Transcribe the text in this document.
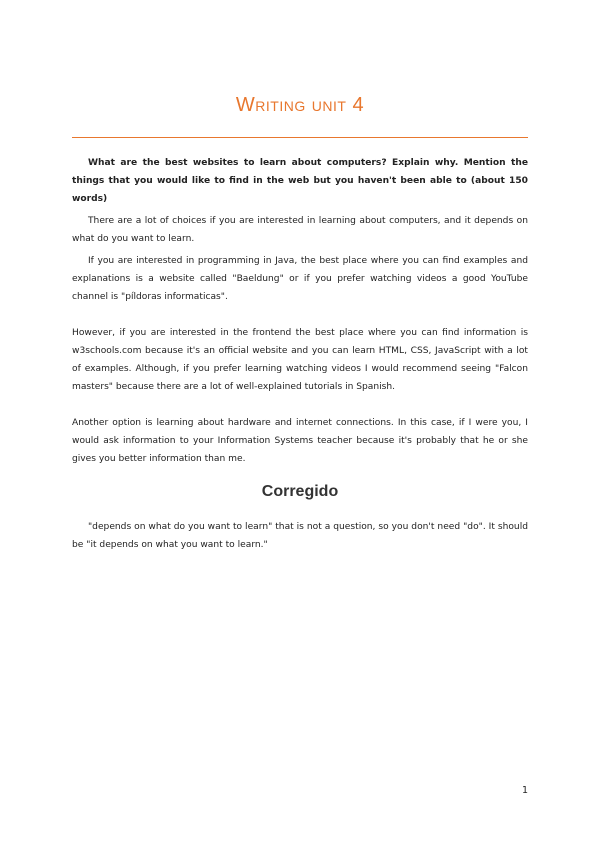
Writing unit 4

What are the best websites to learn about computers? Explain why. Mention the things that you would like to find in the web but you haven't been able to (about 150 words)

There are a lot of choices if you are interested in learning about computers, and it depends on what do you want to learn.

If you are interested in programming in Java, the best place where you can find examples and explanations is a website called "Baeldung" or if you prefer watching videos a good YouTube channel is "píldoras informaticas".

However, if you are interested in the frontend the best place where you can find information is w3schools.com because it's an official website and you can learn HTML, CSS, JavaScript with a lot of examples. Although, if you prefer learning watching videos I would recommend seeing "Falcon masters" because there are a lot of well-explained tutorials in Spanish.

Another option is learning about hardware and internet connections. In this case, if I were you, I would ask information to your Information Systems teacher because it's probably that he or she gives you better information than me.

Corregido

"depends on what do you want to learn" that is not a question, so you don't need "do". It should be "it depends on what you want to learn."

1
